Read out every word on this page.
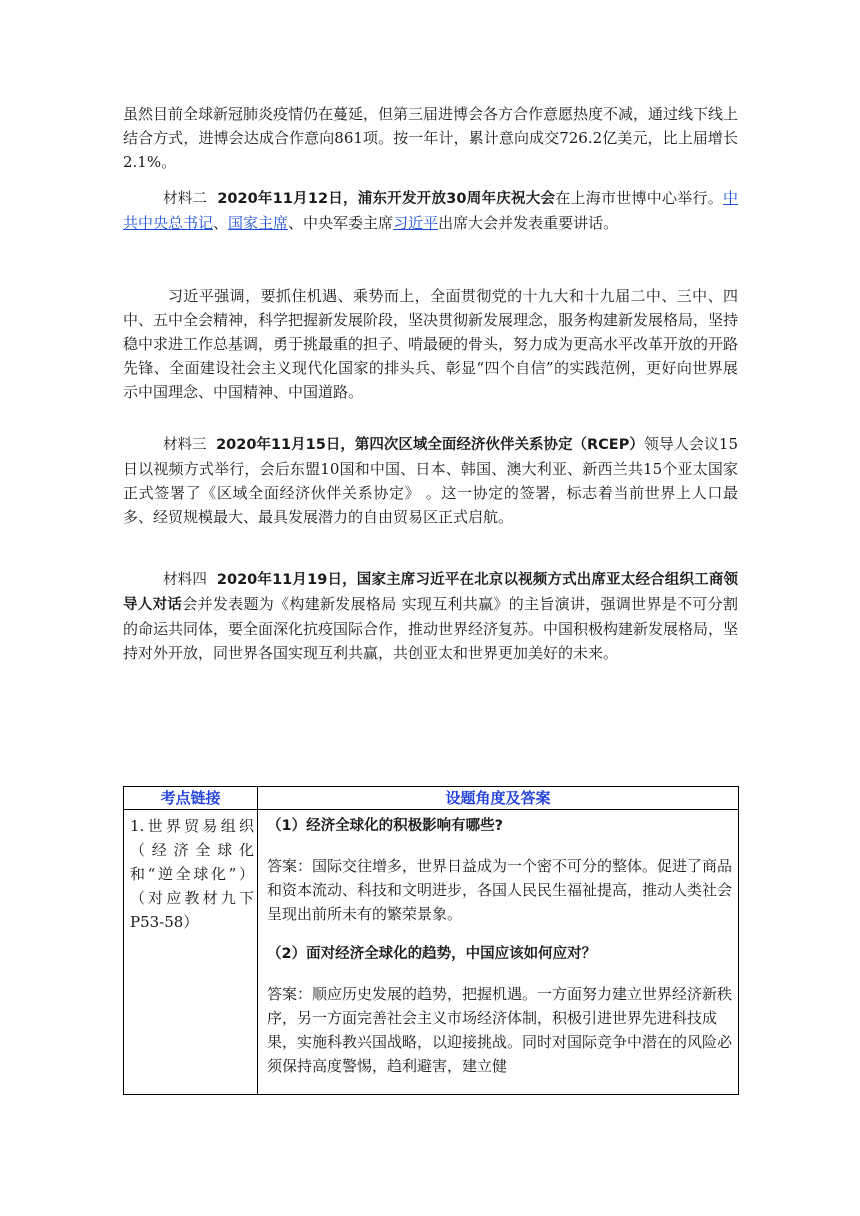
虽然目前全球新冠肺炎疫情仍在蔓延，但第三届进博会各方合作意愿热度不减，通过线下线上结合方式，进博会达成合作意向861项。按一年计，累计意向成交726.2亿美元，比上届增长2.1%。

材料二 2020年11月12日，浦东开发开放30周年庆祝大会在上海市世博中心举行。中共中央总书记、国家主席、中央军委主席习近平出席大会并发表重要讲话。

习近平强调，要抓住机遇、乘势而上，全面贯彻党的十九大和十九届二中、三中、四中、五中全会精神，科学把握新发展阶段，坚决贯彻新发展理念，服务构建新发展格局，坚持稳中求进工作总基调，勇于挑最重的担子、啃最硬的骨头，努力成为更高水平改革开放的开路先锋、全面建设社会主义现代化国家的排头兵、彰显“四个自信”的实践范例，更好向世界展示中国理念、中国精神、中国道路。

材料三 2020年11月15日，第四次区域全面经济伙伴关系协定（RCEP）领导人会议15日以视频方式举行，会后东盟10国和中国、日本、韩国、澳大利亚、新西兰共15个亚太国家正式签署了《区域全面经济伙伴关系协定》 。这一协定的签署，标志着当前世界上人口最多、经贸规模最大、最具发展潜力的自由贸易区正式启航。

材料四 2020年11月19日，国家主席习近平在北京以视频方式出席亚太经合组织工商领导人对话会并发表题为《构建新发展格局 实现互利共赢》的主旨演讲，强调世界是不可分割的命运共同体，要全面深化抗疫国际合作，推动世界经济复苏。中国积极构建新发展格局，坚持对外开放，同世界各国实现互利共赢，共创亚太和世界更加美好的未来。

考点链接	设题角度及答案
1.世界贸易组织（经济全球化和“逆全球化”）（对应教材九下P53-58）	（1）经济全球化的积极影响有哪些?
答案：国际交往增多，世界日益成为一个密不可分的整体。促进了商品和资本流动、科技和文明进步，各国人民民生福祉提高，推动人类社会呈现出前所未有的繁荣景象。
（2）面对经济全球化的趋势，中国应该如何应对？
答案：顺应历史发展的趋势，把握机遇。一方面努力建立世界经济新秩序，另一方面完善社会主义市场经济体制，积极引进世界先进科技成果，实施科教兴国战略，以迎接挑战。同时对国际竞争中潜在的风险必须保持高度警惕，趋利避害，建立健
